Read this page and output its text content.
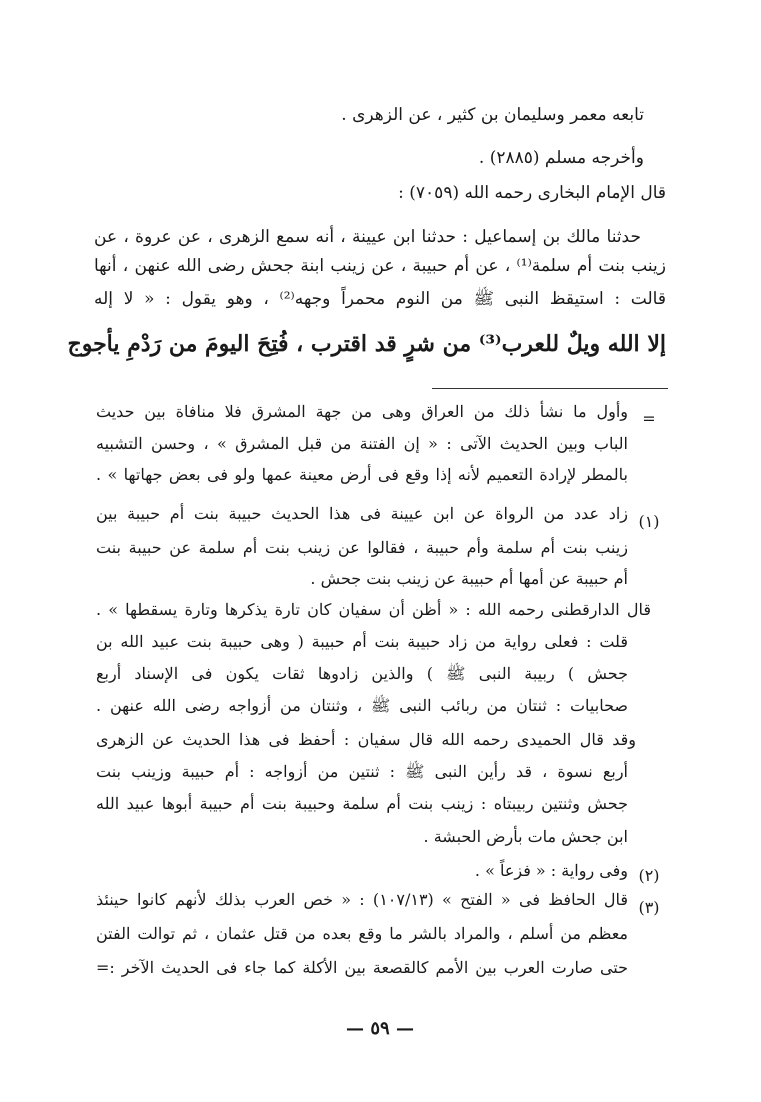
تابعه معمر وسليمان بن كثير ، عن الزهرى .
وأخرجه مسلم (٢٨٨٥) .
قال الإمام البخارى رحمه الله (٧٠٥٩) :
حدثنا مالك بن إسماعيل : حدثنا ابن عيينة ، أنه سمع الزهرى ، عن عروة ، عن
زينب بنت أم سلمة⁽¹⁾ ، عن أم حبيبة ، عن زينب ابنة جحش رضى الله عنهن ، أنها
قالت : استيقظ النبى ﷺ من النوم محمراً وجهه⁽²⁾ ، وهو يقول : « لا إله
إلا الله ويلٌ للعرب⁽³⁾ من شرٍ قد اقترب ، فُتِحَ اليومَ من رَدْمِ يأجوج
=
وأول ما نشأ ذلك من العراق وهى من جهة المشرق فلا منافاة بين حديث
الباب وبين الحديث الآتى : « إن الفتنة من قبل المشرق » ، وحسن التشبيه
بالمطر لإرادة التعميم لأنه إذا وقع فى أرض معينة عمها ولو فى بعض جهاتها » .
(١)
زاد عدد من الرواة عن ابن عيينة فى هذا الحديث حبيبة بنت أم حبيبة بين
زينب بنت أم سلمة وأم حبيبة ، فقالوا عن زينب بنت أم سلمة عن حبيبة بنت
أم حبيبة عن أمها أم حبيبة عن زينب بنت جحش .
قال الدارقطنى رحمه الله : « أظن أن سفيان كان تارة يذكرها وتارة يسقطها » .
قلت : فعلى رواية من زاد حبيبة بنت أم حبيبة ( وهى حبيبة بنت عبيد الله بن
جحش ) ربيبة النبى ﷺ ) والذين زادوها ثقات يكون فى الإسناد أربع
صحابيات : ثنتان من ربائب النبى ﷺ ، وثنتان من أزواجه رضى الله عنهن .
وقد قال الحميدى رحمه الله قال سفيان : أحفظ فى هذا الحديث عن الزهرى
أربع نسوة ، قد رأين النبى ﷺ : ثنتين من أزواجه : أم حبيبة وزينب بنت
جحش وثنتين ربيبتاه : زينب بنت أم سلمة وحبيبة بنت أم حبيبة أبوها عبيد الله
ابن جحش مات بأرض الحبشة .
(٢)
وفى رواية : « فزعاً » .
(٣)
قال الحافظ فى « الفتح » (١٠٧/١٣) : « خص العرب بذلك لأنهم كانوا حينئذ
معظم من أسلم ، والمراد بالشر ما وقع بعده من قتل عثمان ، ثم توالت الفتن
حتى صارت العرب بين الأمم كالقصعة بين الأكلة كما جاء فى الحديث الآخر :=
— ٥٩ —
